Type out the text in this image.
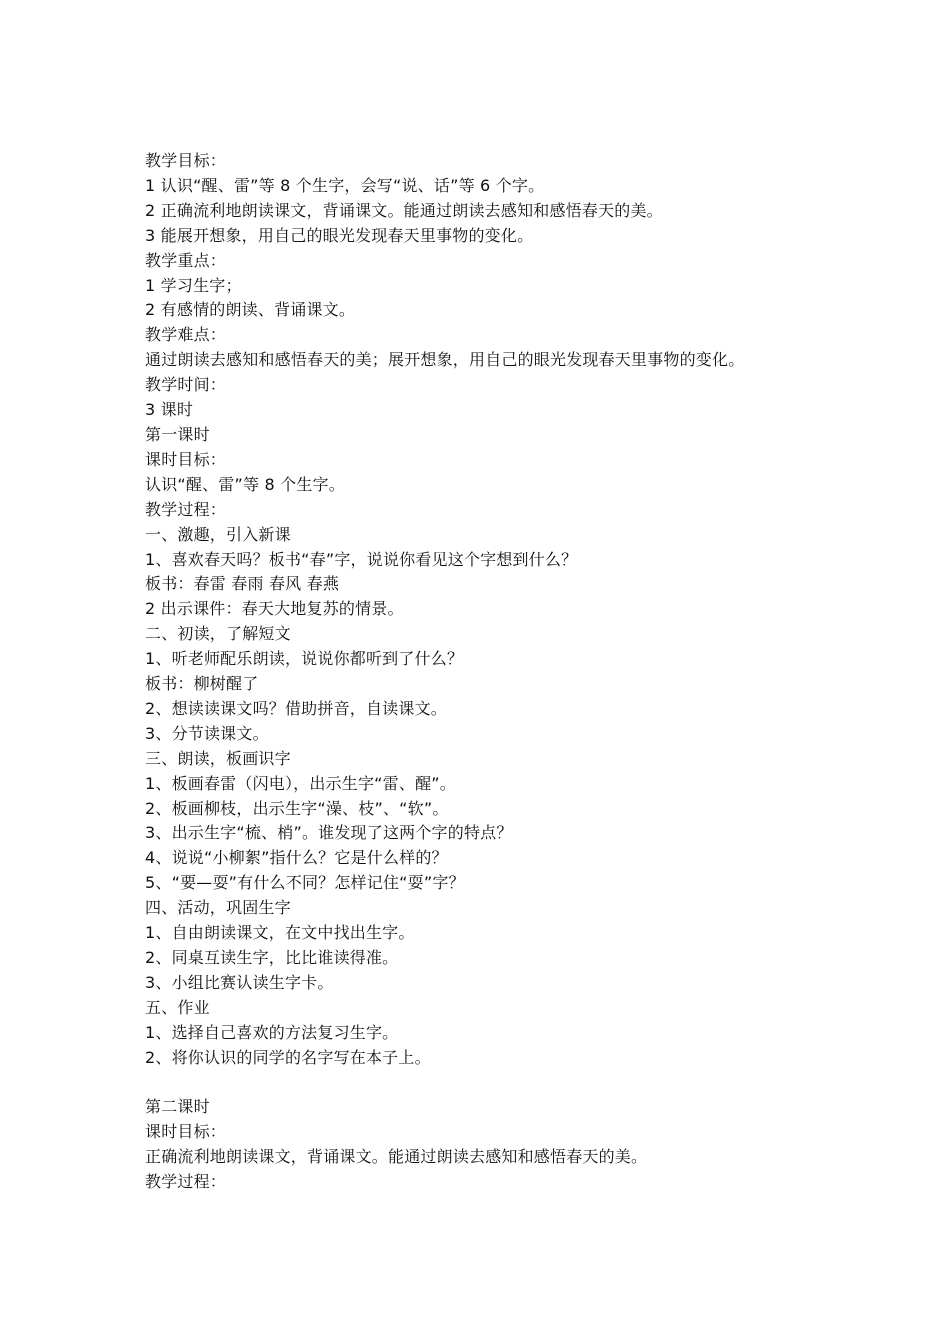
教学目标：
1 认识“醒、雷”等 8 个生字，会写“说、话”等 6 个字。
2 正确流利地朗读课文，背诵课文。能通过朗读去感知和感悟春天的美。
3 能展开想象，用自己的眼光发现春天里事物的变化。
教学重点：
1 学习生字；
2 有感情的朗读、背诵课文。
教学难点：
通过朗读去感知和感悟春天的美；展开想象，用自己的眼光发现春天里事物的变化。
教学时间：
3 课时
第一课时
课时目标：
认识“醒、雷”等 8 个生字。
教学过程：
一、激趣，引入新课
1、喜欢春天吗？板书“春”字，说说你看见这个字想到什么？
板书：春雷 春雨 春风 春燕
2 出示课件：春天大地复苏的情景。
二、初读，了解短文
1、听老师配乐朗读，说说你都听到了什么？
板书：柳树醒了
2、想读读课文吗？借助拼音，自读课文。
3、分节读课文。
三、朗读，板画识字
1、板画春雷（闪电），出示生字“雷、醒”。
2、板画柳枝，出示生字“澡、枝”、“软”。
3、出示生字“梳、梢”。谁发现了这两个字的特点？
4、说说“小柳絮”指什么？它是什么样的？
5、“要—耍”有什么不同？怎样记住“耍”字？
四、活动，巩固生字
1、自由朗读课文，在文中找出生字。
2、同桌互读生字，比比谁读得准。
3、小组比赛认读生字卡。
五、作业
1、选择自己喜欢的方法复习生字。
2、将你认识的同学的名字写在本子上。
第二课时
课时目标：
正确流利地朗读课文，背诵课文。能通过朗读去感知和感悟春天的美。
教学过程：
